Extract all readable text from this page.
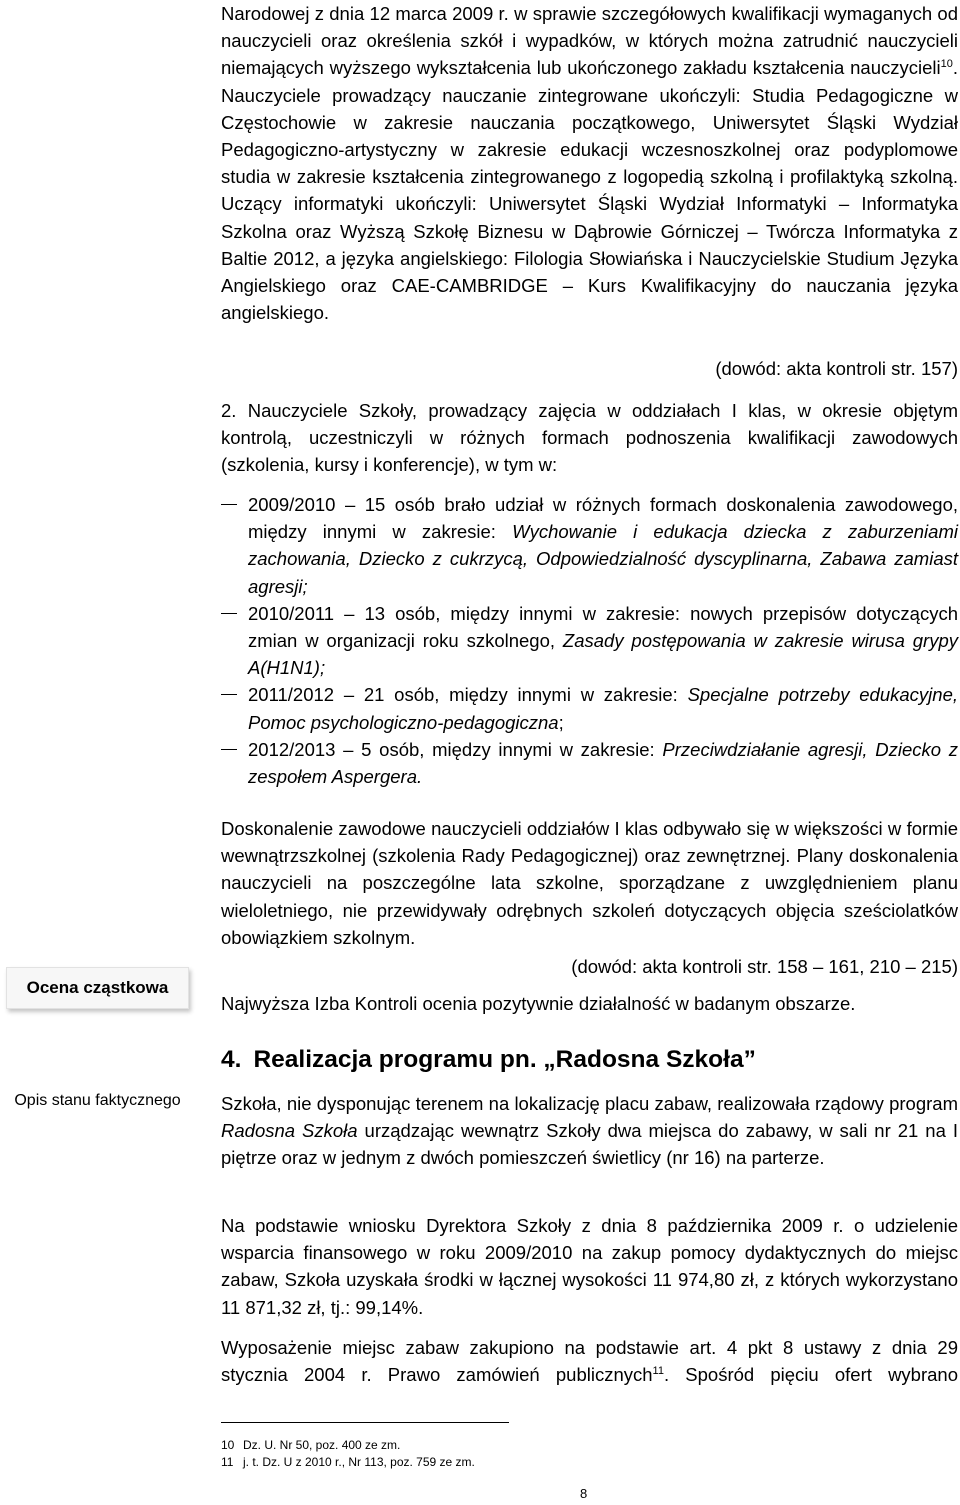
Narodowej z dnia 12 marca 2009 r. w sprawie szczegółowych kwalifikacji wymaganych od nauczycieli oraz określenia szkół i wypadków, w których można zatrudnić nauczycieli niemających wyższego wykształcenia lub ukończonego zakładu kształcenia nauczycieli$^{10}$. Nauczyciele prowadzący nauczanie zintegrowane ukończyli: Studia Pedagogiczne w Częstochowie w zakresie nauczania początkowego, Uniwersytet Śląski Wydział Pedagogiczno-artystyczny w zakresie edukacji wczesnoszkolnej oraz podyplomowe studia w zakresie kształcenia zintegrowanego z logopedią szkolną i profilaktyką szkolną. Uczący informatyki ukończyli: Uniwersytet Śląski Wydział Informatyki – Informatyka Szkolna oraz Wyższą Szkołę Biznesu w Dąbrowie Górniczej – Twórcza Informatyka z Baltie 2012, a języka angielskiego: Filologia Słowiańska i Nauczycielskie Studium Języka Angielskiego oraz CAE-CAMBRIDGE – Kurs Kwalifikacyjny do nauczania języka angielskiego.
(dowód: akta kontroli str. 157)
2. Nauczyciele Szkoły, prowadzący zajęcia w oddziałach I klas, w okresie objętym kontrolą, uczestniczyli w różnych formach podnoszenia kwalifikacji zawodowych (szkolenia, kursy i konferencje), w tym w:
2009/2010 – 15 osób brało udział w różnych formach doskonalenia zawodowego, między innymi w zakresie: Wychowanie i edukacja dziecka z zaburzeniami zachowania, Dziecko z cukrzycą, Odpowiedzialność dyscyplinarna, Zabawa zamiast agresji;
2010/2011 – 13 osób, między innymi w zakresie: nowych przepisów dotyczących zmian w organizacji roku szkolnego, Zasady postępowania w zakresie wirusa grypy A(H1N1);
2011/2012 – 21 osób, między innymi w zakresie: Specjalne potrzeby edukacyjne, Pomoc psychologiczno-pedagogiczna;
2012/2013 – 5 osób, między innymi w zakresie: Przeciwdziałanie agresji, Dziecko z zespołem Aspergera.
Doskonalenie zawodowe nauczycieli oddziałów I klas odbywało się w większości w formie wewnątrzszkolnej (szkolenia Rady Pedagogicznej) oraz zewnętrznej. Plany doskonalenia nauczycieli na poszczególne lata szkolne, sporządzane z uwzględnieniem planu wieloletniego, nie przewidywały odrębnych szkoleń dotyczących objęcia sześciolatków obowiązkiem szkolnym.
(dowód: akta kontroli str. 158 – 161, 210 – 215)
Najwyższa Izba Kontroli ocenia pozytywnie działalność w badanym obszarze.
Ocena cząstkowa
Opis stanu faktycznego
4. Realizacja programu pn. „Radosna Szkoła”
Szkoła, nie dysponując terenem na lokalizację placu zabaw, realizowała rządowy program Radosna Szkoła urządzając wewnątrz Szkoły dwa miejsca do zabawy, w sali nr 21 na I piętrze oraz w jednym z dwóch pomieszczeń świetlicy (nr 16) na parterze.
Na podstawie wniosku Dyrektora Szkoły z dnia 8 października 2009 r. o udzielenie wsparcia finansowego w roku 2009/2010 na zakup pomocy dydaktycznych do miejsc zabaw, Szkoła uzyskała środki w łącznej wysokości 11 974,80 zł, z których wykorzystano 11 871,32 zł, tj.: 99,14%.
Wyposażenie miejsc zabaw zakupiono na podstawie art. 4 pkt 8 ustawy z dnia 29 stycznia 2004 r. Prawo zamówień publicznych$^{11}$. Spośród pięciu ofert wybrano
10 Dz. U. Nr 50, poz. 400 ze zm.
11 j. t. Dz. U z 2010 r., Nr 113, poz. 759 ze zm.
8
